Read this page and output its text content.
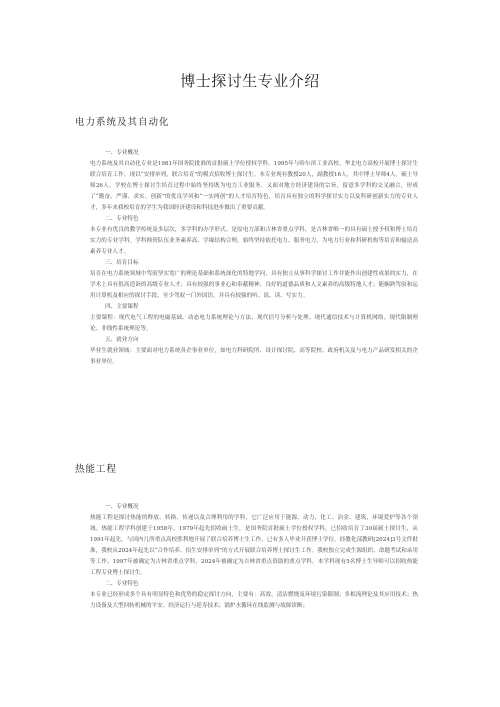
博士探讨生专业介绍
电力系统及其自动化
一、专业概况

电力系统及其自动化专业是1981年国务院批准的首批硕士学位授权学科。1995年与哈尔滨工业高校、华北电力高校开展博士探讨生联合培育工作。现以“安排单列，联合培育”的模式招收博士探讨生。本专业现有教授20人，副教授16人，其中博士导师4人，硕士导师26人。学校在博士探讨生培育过程中始终坚持既为电力工业服务、又面对地方经济建设的宗旨，留意多学科的交叉融合，形成了“勤奋、严谨、求实、创新”的优良学风和“一实两创”的人才培育特色，培育具有独立的科学探讨实力以及科研创新实力的专业人才，多年来我校培育的学生为我国经济建设和科技进步做出了重要贡献。

二、专业特色

本专业有优良的教学传统及多层次，多学科的办学形式。是原电力部和吉林省重点学科，是吉林省唯一的具有硕士授予权和博士培育实力的专业学科。学科师资队伍业务素养高、学缘结构合理，始终坚持依托电力、服务电力，为电力行业和科研机构等培育和输送高素养专业人才。

三、培育目标

培育在电力系统领域中驾驭坚实宽广的理论基础和系统深化的特地学问，具有独立从事科学探讨工作并能作出创建性成果的实力，在学术上具有很高造诣的高级专业人才；具有较强的事业心和奉献精神，良好的道德品质和人文素养的高级特地人才；能娴熟驾驭和运用计算机及相应的探讨手段，至少驾驭一门外国语，并具有较强的听、说、读、写实力。

四、主要课程

主要课程：现代电气工程的电磁基础、动态电力系统理论与方法、现代信号分析与处理、现代通信技术与计算机网络、现代限制理论、非线性系统理论等。

五、就业方向

毕业生就业领域：主要面对电力系统各企事业单位，如电力科研院所、设计探讨院、高等院校、政府机关及与电力产品研发相关的企事业单位。

热能工程
一、专业概况

热能工程是探讨热能的释放、转换、传递以及合理利用的学科，它广泛应用于能源、动力、化工、冶金、建筑、环境爱护等各个领域。热能工程学科创建于1958年，1979年起先招收硕士生，是国务院首批硕士学位授权学科，已招收培育了30届硕士探讨生，从1991年起先，与国内几所重点高校胜利地开展了联合培养博士生工作，已有多人毕业并获博士学位。经教化部教研[2024]3号文件批准，我校从2024年起先以“合作培养、招生安排单列”的方式开展联合培养博士探讨生工作。我校独立完成生源组织、命题考试和录用等工作。1997年被确定为吉林省重点学科，2024年被确定为吉林省重点资助的重点学科。本学科现有5名博士生导师可以招收热能工程专业博士探讨生。

二、专业特色

本专业已经形成多个具有明显特色和优势的稳定探讨方向，主要有：高效、清洁燃烧及环境污染限制；多相流理论及其应用技术；热力设备及大型回转机械的平安、经济运行与延寿技术；锅炉水循环在线监测与故障诊断；
